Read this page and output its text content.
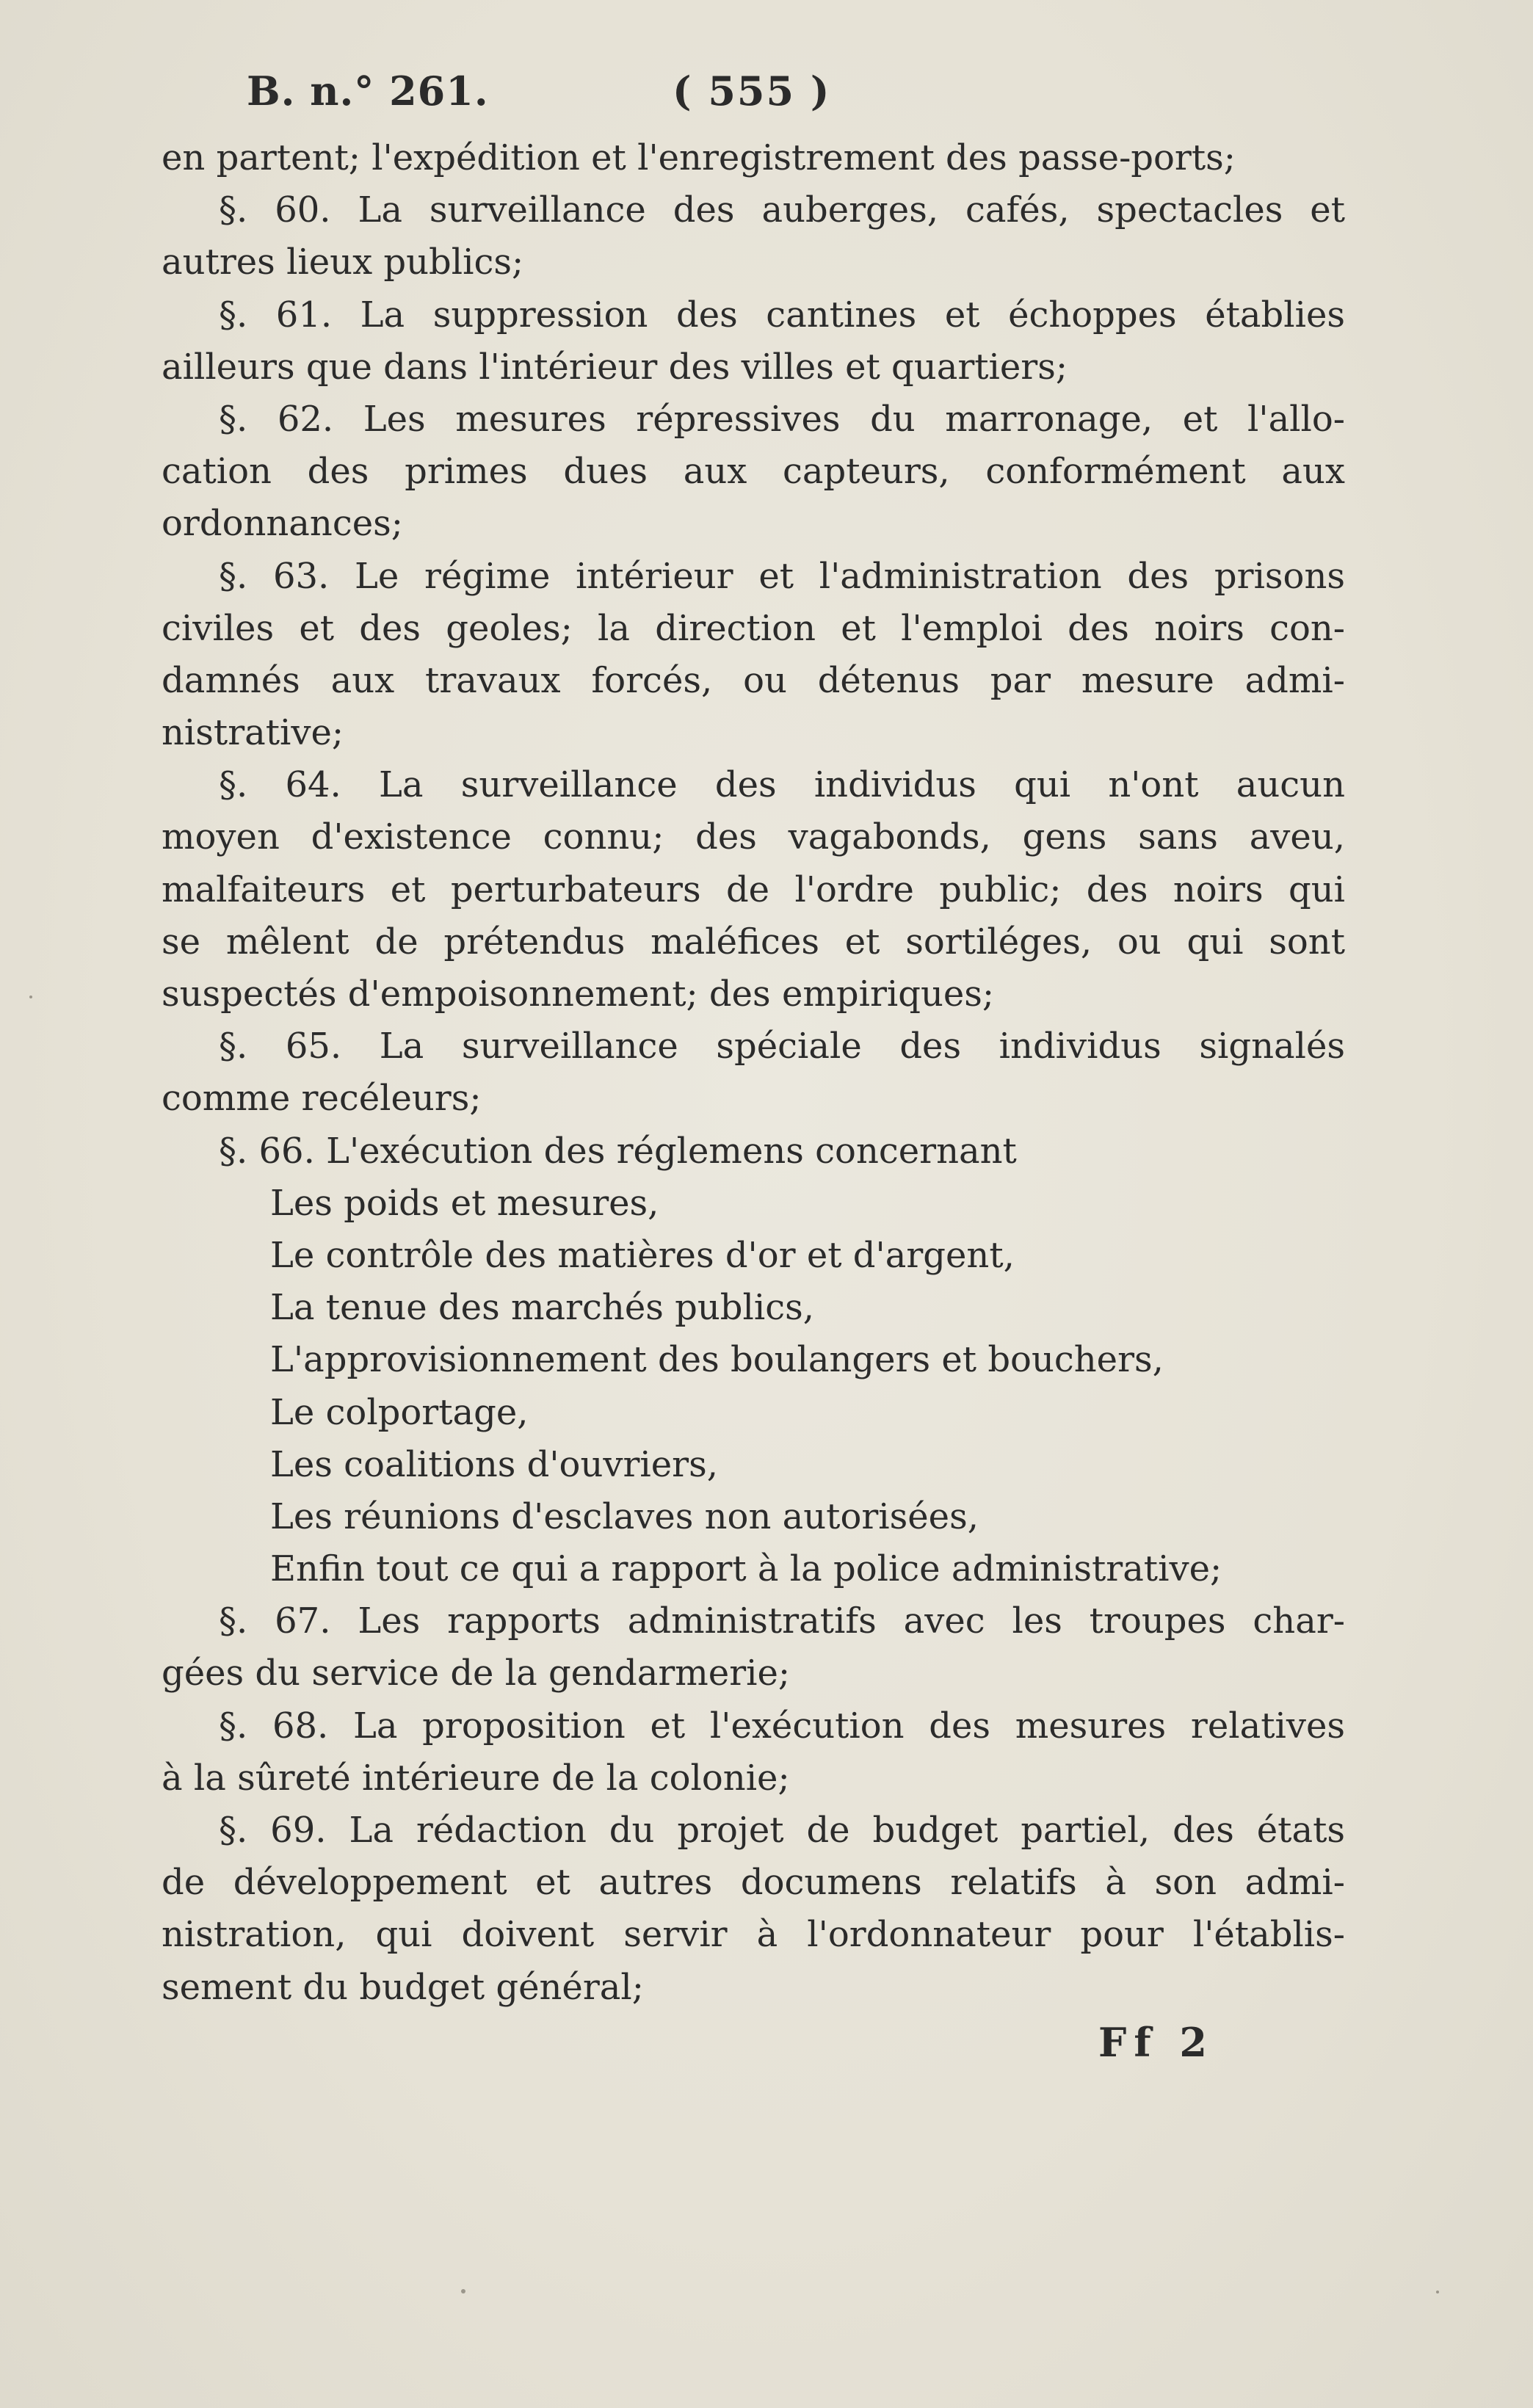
B. n.° 261.	( 555 )
en partent; l'expédition et l'enregistrement des passe-ports;
§. 60. La surveillance des auberges, cafés, spectacles et
autres lieux publics;
§. 61. La suppression des cantines et échoppes établies
ailleurs que dans l'intérieur des villes et quartiers;
§. 62. Les mesures répressives du marronage, et l'allo-
cation des primes dues aux capteurs, conformément aux
ordonnances;
§. 63. Le régime intérieur et l'administration des prisons
civiles et des geoles; la direction et l'emploi des noirs con-
damnés aux travaux forcés, ou détenus par mesure admi-
nistrative;
§. 64. La surveillance des individus qui n'ont aucun
moyen d'existence connu; des vagabonds, gens sans aveu,
malfaiteurs et perturbateurs de l'ordre public; des noirs qui
se mêlent de prétendus maléfices et sortiléges, ou qui sont
suspectés d'empoisonnement; des empiriques;
§. 65. La surveillance spéciale des individus signalés
comme recéleurs;
§. 66. L'exécution des réglemens concernant
Les poids et mesures,
Le contrôle des matières d'or et d'argent,
La tenue des marchés publics,
L'approvisionnement des boulangers et bouchers,
Le colportage,
Les coalitions d'ouvriers,
Les réunions d'esclaves non autorisées,
Enfin tout ce qui a rapport à la police administrative;
§. 67. Les rapports administratifs avec les troupes char-
gées du service de la gendarmerie;
§. 68. La proposition et l'exécution des mesures relatives
à la sûreté intérieure de la colonie;
§. 69. La rédaction du projet de budget partiel, des états
de développement et autres documens relatifs à son admi-
nistration, qui doivent servir à l'ordonnateur pour l'établis-
sement du budget général;
Ff 2
